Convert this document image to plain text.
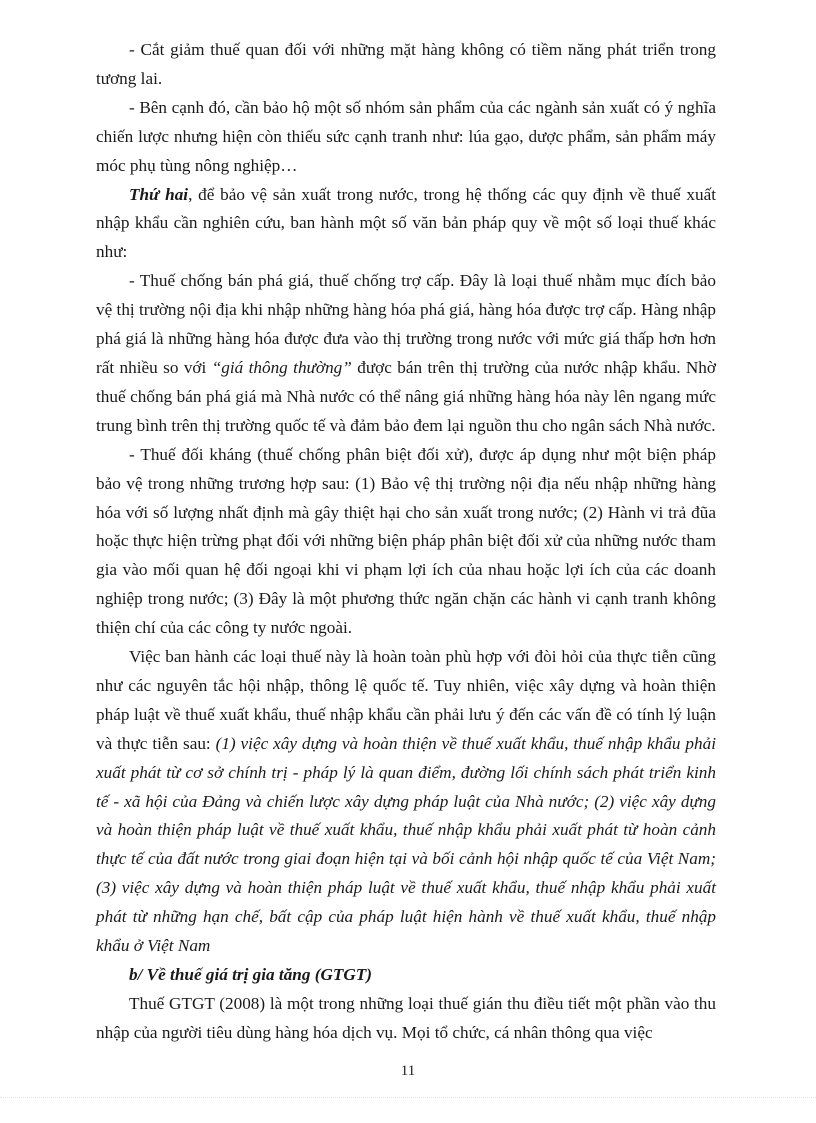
- Cắt giảm thuế quan đối với những mặt hàng không có tiềm năng phát triển trong tương lai.

- Bên cạnh đó, cần bảo hộ một số nhóm sản phẩm của các ngành sản xuất có ý nghĩa chiến lược nhưng hiện còn thiếu sức cạnh tranh như: lúa gạo, dược phẩm, sản phẩm máy móc phụ tùng nông nghiệp…

Thứ hai, để bảo vệ sản xuất trong nước, trong hệ thống các quy định về thuế xuất nhập khẩu cần nghiên cứu, ban hành một số văn bản pháp quy về một số loại thuế khác như:

- Thuế chống bán phá giá, thuế chống trợ cấp. Đây là loại thuế nhằm mục đích bảo vệ thị trường nội địa khi nhập những hàng hóa phá giá, hàng hóa được trợ cấp. Hàng nhập phá giá là những hàng hóa được đưa vào thị trường trong nước với mức giá thấp hơn hơn rất nhiều so với “giá thông thường” được bán trên thị trường của nước nhập khẩu. Nhờ thuế chống bán phá giá mà Nhà nước có thể nâng giá những hàng hóa này lên ngang mức trung bình trên thị trường quốc tế và đảm bảo đem lại nguồn thu cho ngân sách Nhà nước.

- Thuế đối kháng (thuế chống phân biệt đối xử), được áp dụng như một biện pháp bảo vệ trong những trương hợp sau: (1) Bảo vệ thị trường nội địa nếu nhập những hàng hóa với số lượng nhất định mà gây thiệt hại cho sản xuất trong nước; (2) Hành vi trả đũa hoặc thực hiện trừng phạt đối với những biện pháp phân biệt đối xử của những nước tham gia vào mối quan hệ đối ngoại khi vi phạm lợi ích của nhau hoặc lợi ích của các doanh nghiệp trong nước; (3) Đây là một phương thức ngăn chặn các hành vi cạnh tranh không thiện chí của các công ty nước ngoài.

Việc ban hành các loại thuế này là hoàn toàn phù hợp với đòi hỏi của thực tiễn cũng như các nguyên tắc hội nhập, thông lệ quốc tế. Tuy nhiên, việc xây dựng và hoàn thiện pháp luật về thuế xuất khẩu, thuế nhập khẩu cần phải lưu ý đến các vấn đề có tính lý luận và thực tiễn sau: (1) việc xây dựng và hoàn thiện về thuế xuất khẩu, thuế nhập khẩu phải xuất phát từ cơ sở chính trị - pháp lý là quan điểm, đường lối chính sách phát triển kinh tế - xã hội của Đảng và chiến lược xây dựng pháp luật của Nhà nước; (2) việc xây dựng và hoàn thiện pháp luật về thuế xuất khẩu, thuế nhập khẩu phải xuất phát từ hoàn cảnh thực tế của đất nước trong giai đoạn hiện tại và bối cảnh hội nhập quốc tế của Việt Nam; (3) việc xây dựng và hoàn thiện pháp luật về thuế xuất khẩu, thuế nhập khẩu phải xuất phát từ những hạn chế, bất cập của pháp luật hiện hành về thuế xuất khẩu, thuế nhập khẩu ở Việt Nam

b/ Về thuế giá trị gia tăng (GTGT)

Thuế GTGT (2008) là một trong những loại thuế gián thu điều tiết một phần vào thu nhập của người tiêu dùng hàng hóa dịch vụ. Mọi tổ chức, cá nhân thông qua việc

11
